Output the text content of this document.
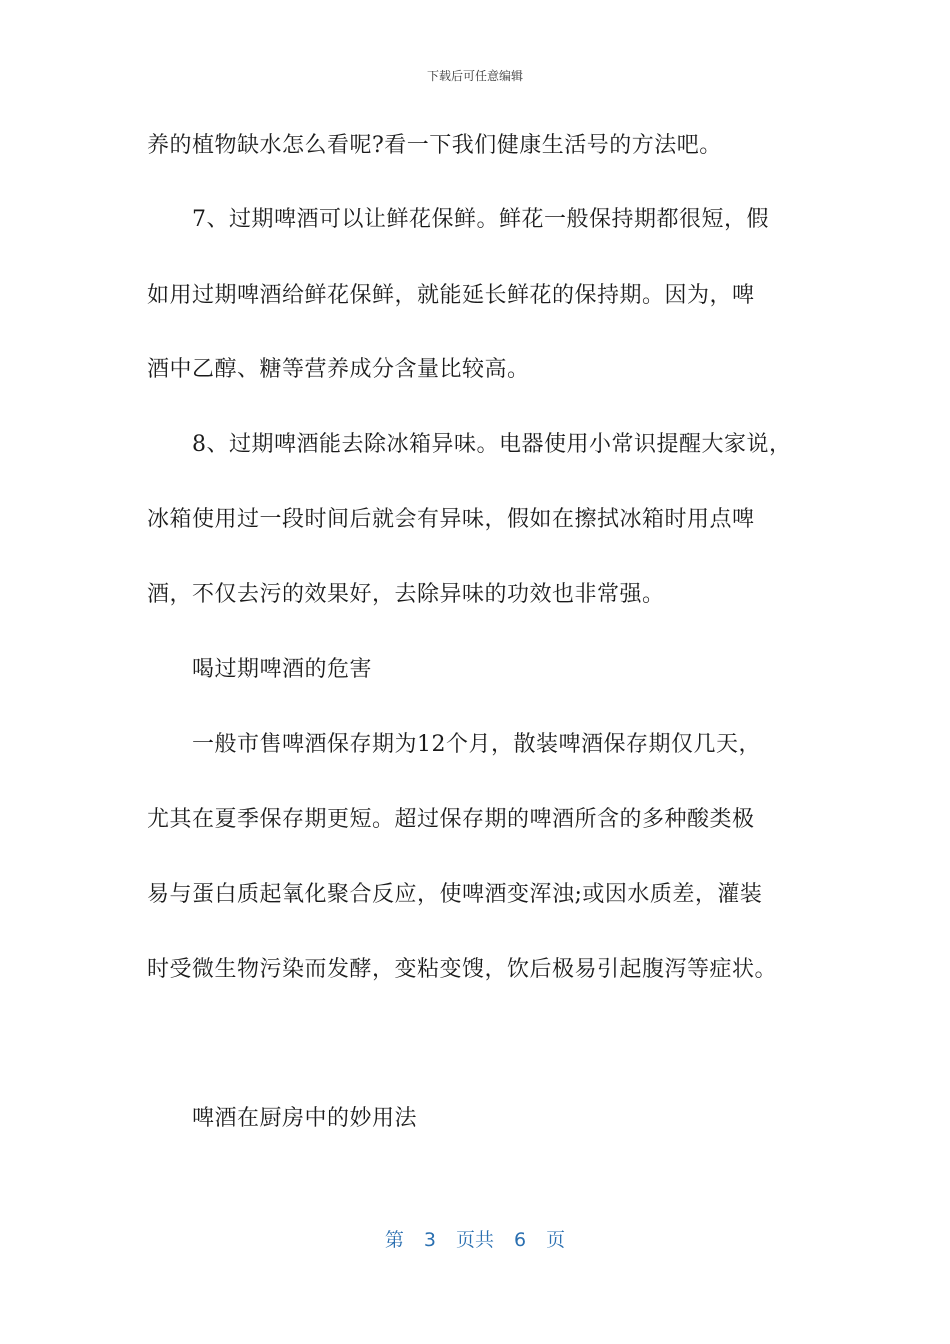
下载后可任意编辑
养的植物缺水怎么看呢?看一下我们健康生活号的方法吧。
7、过期啤酒可以让鲜花保鲜。鲜花一般保持期都很短，假
如用过期啤酒给鲜花保鲜，就能延长鲜花的保持期。因为，啤
酒中乙醇、糖等营养成分含量比较高。
8、过期啤酒能去除冰箱异味。电器使用小常识提醒大家说，
冰箱使用过一段时间后就会有异味，假如在擦拭冰箱时用点啤
酒，不仅去污的效果好，去除异味的功效也非常强。
喝过期啤酒的危害
一般市售啤酒保存期为12个月，散装啤酒保存期仅几天，
尤其在夏季保存期更短。超过保存期的啤酒所含的多种酸类极
易与蛋白质起氧化聚合反应，使啤酒变浑浊;或因水质差，灌装
时受微生物污染而发酵，变粘变馊，饮后极易引起腹泻等症状。
啤酒在厨房中的妙用法
第 3 页共 6 页
